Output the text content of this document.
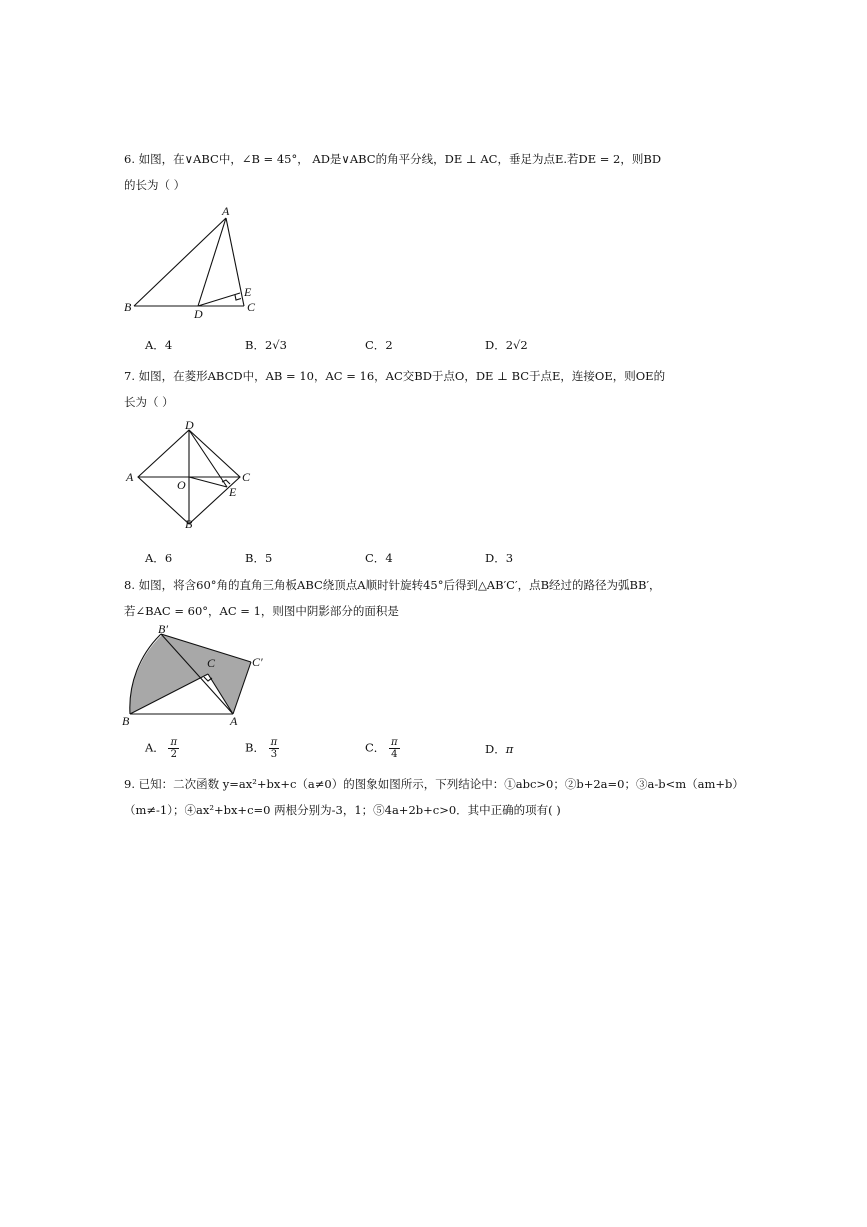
6. 如图，在∨ABC中，∠B = 45°， AD是∨ABC的角平分线，DE ⊥ AC，垂足为点E.若DE = 2，则BD
的长为（ ）
A
B	C
D
E
A．4	B．2√3	C．2	D．2√2
7. 如图，在菱形ABCD中，AB = 10，AC = 16，AC交BD于点O，DE ⊥ BC于点E，连接OE，则OE的
长为（ ）
A
D
C
B
O	E
A．6	B．5	C．4	D．3
8. 如图，将含60°角的直角三角板ABC绕顶点A顺时针旋转45°后得到△AB′C′，点B经过的路径为弧BB′，
若∠BAC = 60°，AC = 1，则图中阴影部分的面积是
B′
C′
C
B	A
A． $\frac{\pi}{2}$	B． $\frac{\pi}{3}$	C． $\frac{\pi}{4}$	D．π
9. 已知：二次函数 y=ax²+bx+c（a≠0）的图象如图所示，下列结论中：①abc>0；②b+2a=0；③a-b<m（am+b）
（m≠-1）；④ax²+bx+c=0 两根分别为-3，1；⑤4a+2b+c>0．其中正确的项有( )
